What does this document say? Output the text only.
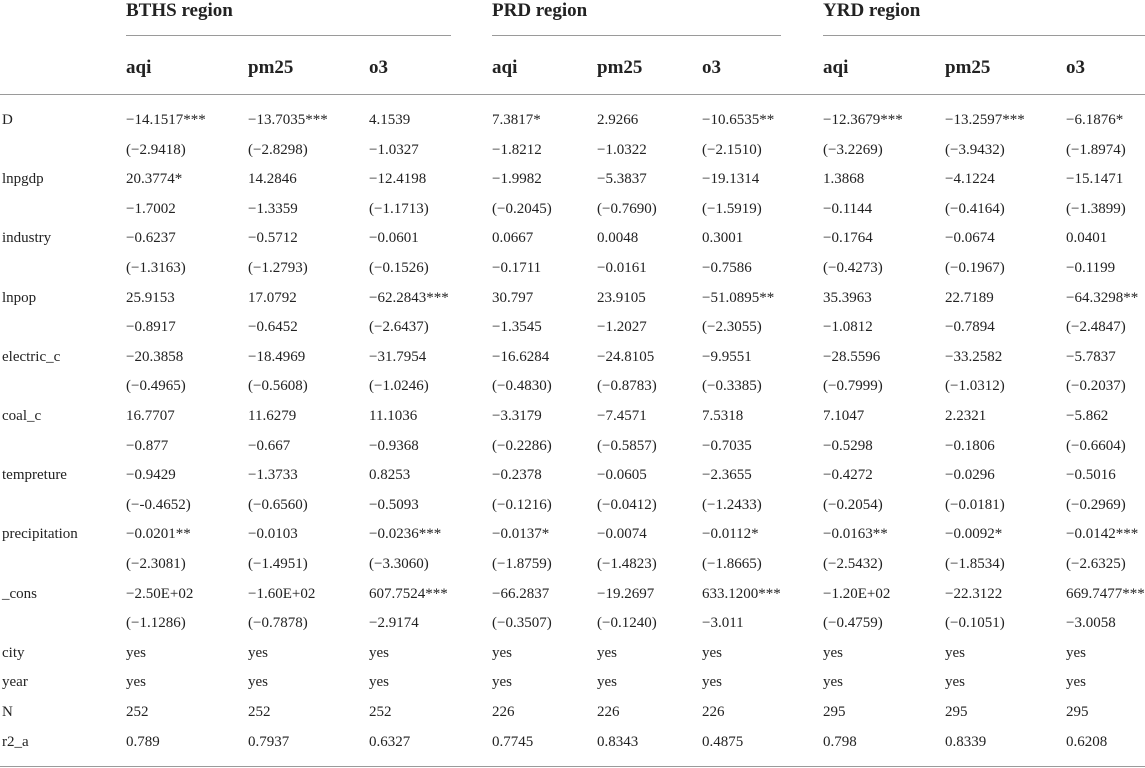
BTHS region	PRD region	YRD region
aqi	pm25	o3	aqi	pm25	o3	aqi	pm25	o3
D	−14.1517***	−13.7035***	4.1539	7.3817*	2.9266	−10.6535**	−12.3679***	−13.2597***	−6.1876*
(−2.9418)	(−2.8298)	−1.0327	−1.8212	−1.0322	(−2.1510)	(−3.2269)	(−3.9432)	(−1.8974)
lnpgdp	20.3774*	14.2846	−12.4198	−1.9982	−5.3837	−19.1314	1.3868	−4.1224	−15.1471
−1.7002	−1.3359	(−1.1713)	(−0.2045)	(−0.7690)	(−1.5919)	−0.1144	(−0.4164)	(−1.3899)
industry	−0.6237	−0.5712	−0.0601	0.0667	0.0048	0.3001	−0.1764	−0.0674	0.0401
(−1.3163)	(−1.2793)	(−0.1526)	−0.1711	−0.0161	−0.7586	(−0.4273)	(−0.1967)	−0.1199
lnpop	25.9153	17.0792	−62.2843***	30.797	23.9105	−51.0895**	35.3963	22.7189	−64.3298**
−0.8917	−0.6452	(−2.6437)	−1.3545	−1.2027	(−2.3055)	−1.0812	−0.7894	(−2.4847)
electric_c	−20.3858	−18.4969	−31.7954	−16.6284	−24.8105	−9.9551	−28.5596	−33.2582	−5.7837
(−0.4965)	(−0.5608)	(−1.0246)	(−0.4830)	(−0.8783)	(−0.3385)	(−0.7999)	(−1.0312)	(−0.2037)
coal_c	16.7707	11.6279	11.1036	−3.3179	−7.4571	7.5318	7.1047	2.2321	−5.862
−0.877	−0.667	−0.9368	(−0.2286)	(−0.5857)	−0.7035	−0.5298	−0.1806	(−0.6604)
tempreture	−0.9429	−1.3733	0.8253	−0.2378	−0.0605	−2.3655	−0.4272	−0.0296	−0.5016
(−-0.4652)	(−0.6560)	−0.5093	(−0.1216)	(−0.0412)	(−1.2433)	(−0.2054)	(−0.0181)	(−0.2969)
precipitation	−0.0201**	−0.0103	−0.0236***	−0.0137*	−0.0074	−0.0112*	−0.0163**	−0.0092*	−0.0142***
(−2.3081)	(−1.4951)	(−3.3060)	(−1.8759)	(−1.4823)	(−1.8665)	(−2.5432)	(−1.8534)	(−2.6325)
_cons	−2.50E+02	−1.60E+02	607.7524***	−66.2837	−19.2697	633.1200***	−1.20E+02	−22.3122	669.7477***
(−1.1286)	(−0.7878)	−2.9174	(−0.3507)	(−0.1240)	−3.011	(−0.4759)	(−0.1051)	−3.0058
city	yes	yes	yes	yes	yes	yes	yes	yes	yes
year	yes	yes	yes	yes	yes	yes	yes	yes	yes
N	252	252	252	226	226	226	295	295	295
r2_a	0.789	0.7937	0.6327	0.7745	0.8343	0.4875	0.798	0.8339	0.6208
